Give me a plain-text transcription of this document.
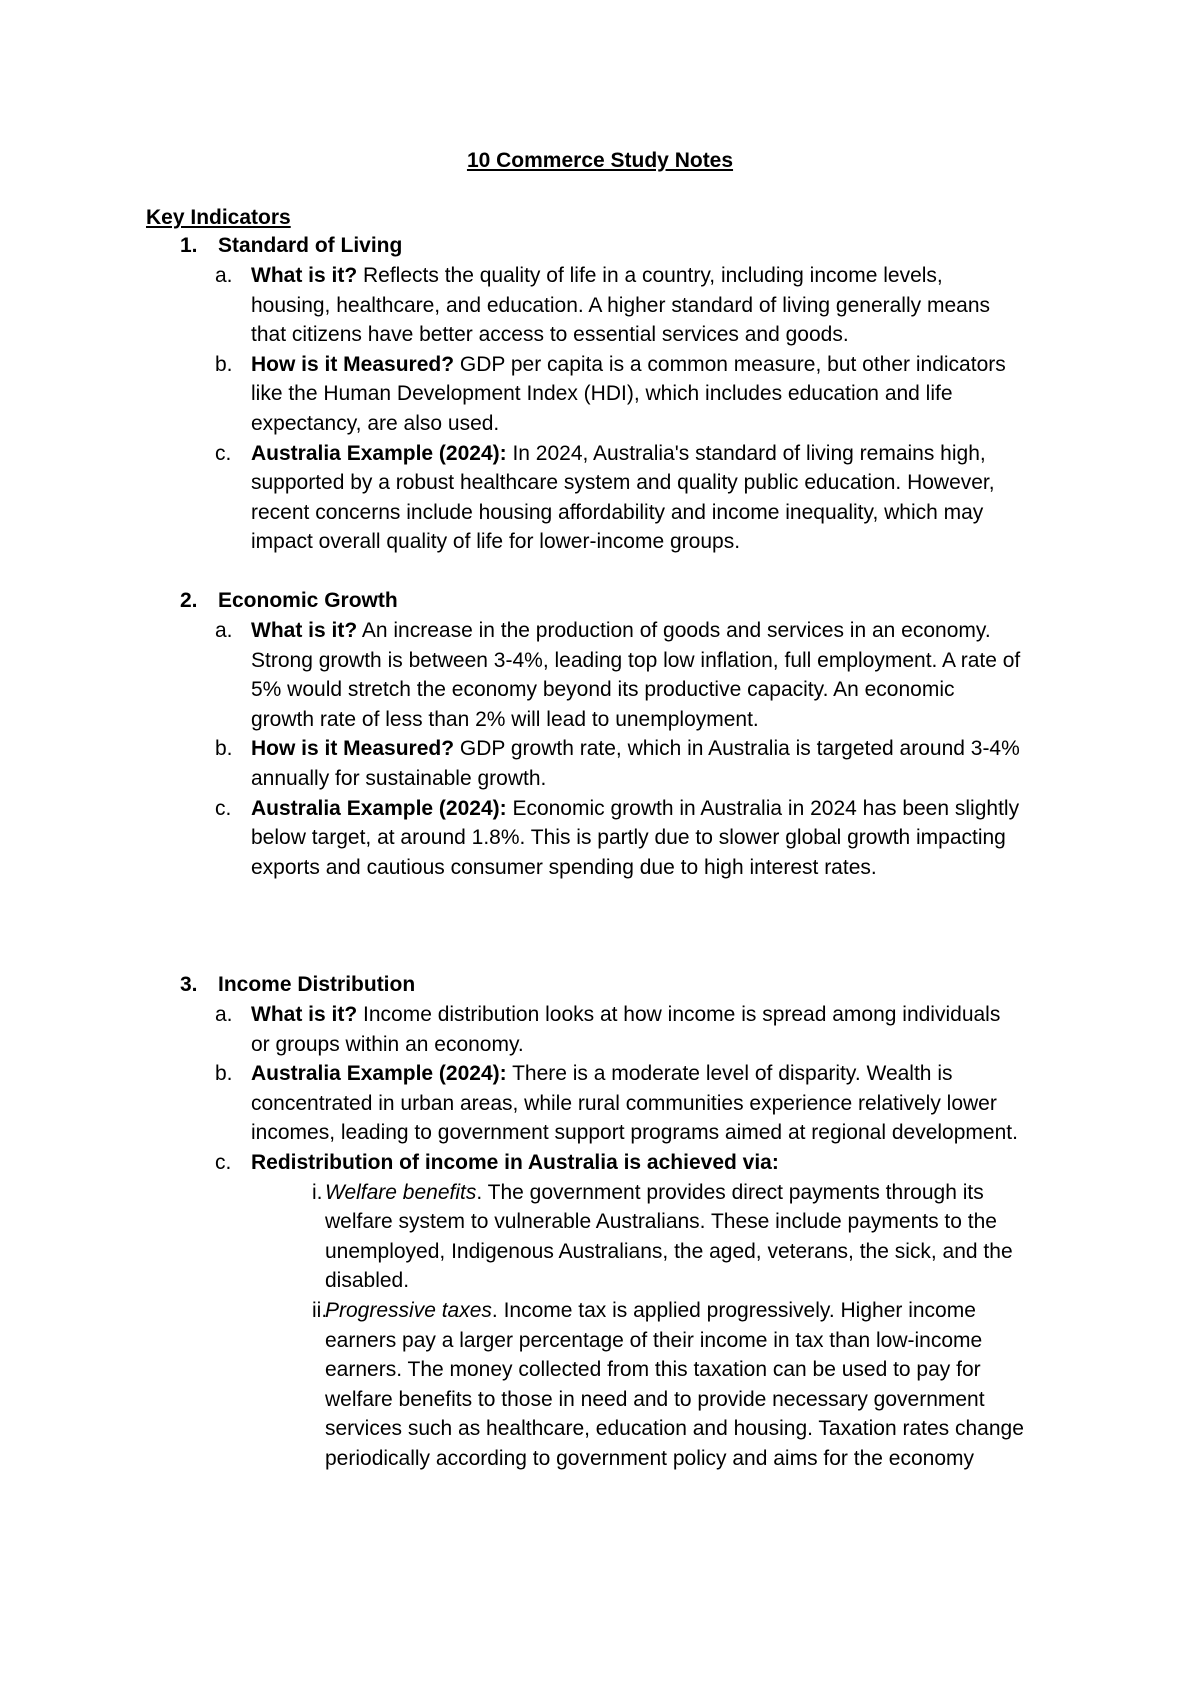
10 Commerce Study Notes
Key Indicators
1. Standard of Living
a. What is it? Reflects the quality of life in a country, including income levels, housing, healthcare, and education. A higher standard of living generally means that citizens have better access to essential services and goods.
b. How is it Measured? GDP per capita is a common measure, but other indicators like the Human Development Index (HDI), which includes education and life expectancy, are also used.
c. Australia Example (2024): In 2024, Australia's standard of living remains high, supported by a robust healthcare system and quality public education. However, recent concerns include housing affordability and income inequality, which may impact overall quality of life for lower-income groups.
2. Economic Growth
a. What is it? An increase in the production of goods and services in an economy. Strong growth is between 3-4%, leading top low inflation, full employment. A rate of 5% would stretch the economy beyond its productive capacity. An economic growth rate of less than 2% will lead to unemployment.
b. How is it Measured? GDP growth rate, which in Australia is targeted around 3-4% annually for sustainable growth.
c. Australia Example (2024): Economic growth in Australia in 2024 has been slightly below target, at around 1.8%. This is partly due to slower global growth impacting exports and cautious consumer spending due to high interest rates.
3. Income Distribution
a. What is it? Income distribution looks at how income is spread among individuals or groups within an economy.
b. Australia Example (2024): There is a moderate level of disparity. Wealth is concentrated in urban areas, while rural communities experience relatively lower incomes, leading to government support programs aimed at regional development.
c. Redistribution of income in Australia is achieved via:
i. Welfare benefits. The government provides direct payments through its welfare system to vulnerable Australians. These include payments to the unemployed, Indigenous Australians, the aged, veterans, the sick, and the disabled.
ii.
Progressive taxes. Income tax is applied progressively. Higher income earners pay a larger percentage of their income in tax than low-income earners. The money collected from this taxation can be used to pay for welfare benefits to those in need and to provide necessary government services such as healthcare, education and housing. Taxation rates change periodically according to government policy and aims for the economy
